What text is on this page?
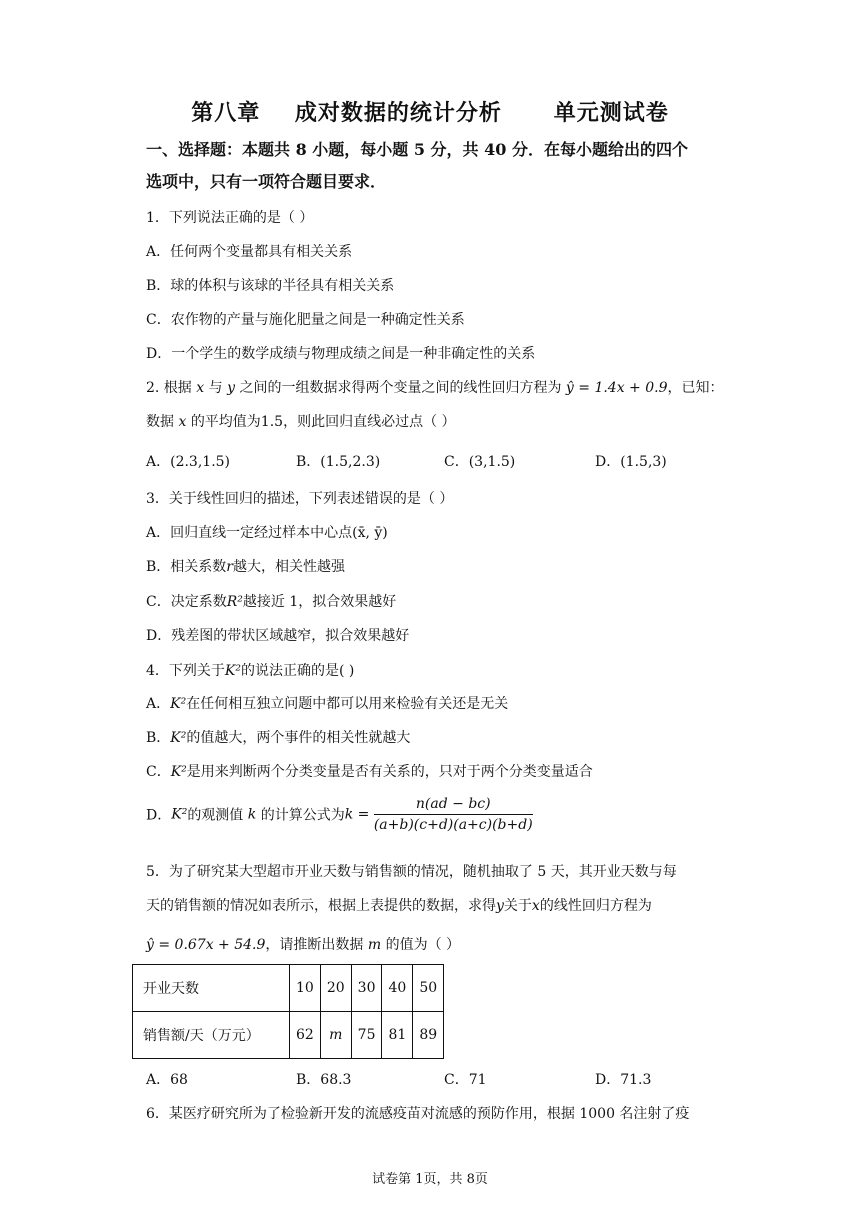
第八章    成对数据的统计分析      单元测试卷
一、选择题：本题共 8 小题，每小题 5 分，共 40 分．在每小题给出的四个
选项中，只有一项符合题目要求．
1．下列说法正确的是（ ）
A．任何两个变量都具有相关关系
B．球的体积与该球的半径具有相关关系
C．农作物的产量与施化肥量之间是一种确定性关系
D．一个学生的数学成绩与物理成绩之间是一种非确定性的关系
2. 根据 x 与 y 之间的一组数据求得两个变量之间的线性回归方程为 ŷ = 1.4x + 0.9，已知：
数据 x 的平均值为1.5，则此回归直线必过点（ ）
A．(2.3,1.5)	B．(1.5,2.3)	C．(3,1.5)	D．(1.5,3)
3．关于线性回归的描述，下列表述错误的是（ ）
A．回归直线一定经过样本中心点(x̄, ȳ)
B．相关系数r越大，相关性越强
C．决定系数R²越接近 1，拟合效果越好
D．残差图的带状区域越窄，拟合效果越好
4．下列关于K²的说法正确的是( )
A．K²在任何相互独立问题中都可以用来检验有关还是无关
B．K²的值越大，两个事件的相关性就越大
C．K²是用来判断两个分类变量是否有关系的，只对于两个分类变量适合
D．K²的观测值 k 的计算公式为$k = \frac{n(ad - bc)}{(a+b)(c+d)(a+c)(b+d)}$
5．为了研究某大型超市开业天数与销售额的情况，随机抽取了 5 天，其开业天数与每
天的销售额的情况如表所示，根据上表提供的数据，求得y关于x的线性回归方程为
ŷ = 0.67x + 54.9，请推断出数据 m 的值为（ ）
开业天数	10	20	30	40	50
销售额/天（万元）	62	m	75	81	89
A．68	B．68.3	C．71	D．71.3
6．某医疗研究所为了检验新开发的流感疫苗对流感的预防作用，根据 1000 名注射了疫
试卷第 1页，共 8页
